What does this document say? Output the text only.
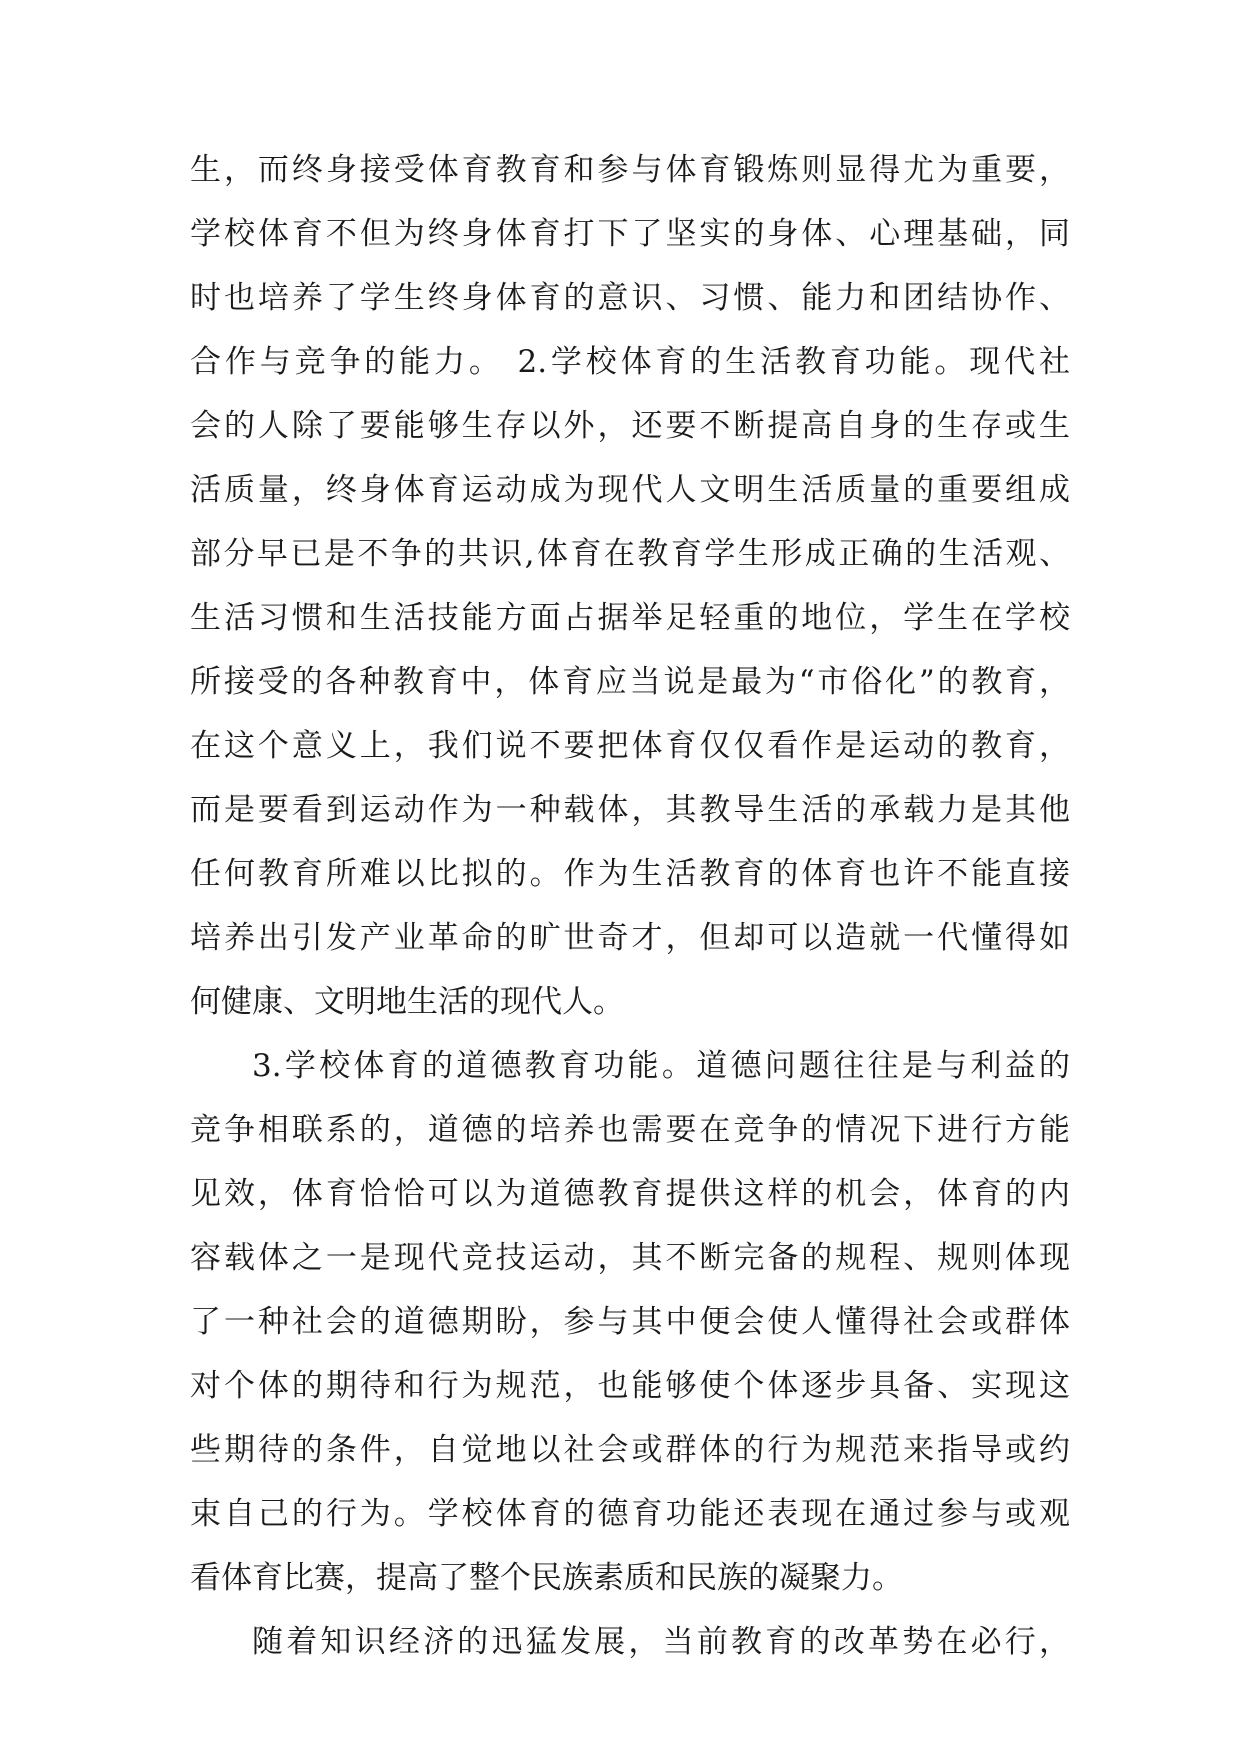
生，而终身接受体育教育和参与体育锻炼则显得尤为重要，

学校体育不但为终身体育打下了坚实的身体、心理基础，同

时也培养了学生终身体育的意识、习惯、能力和团结协作、

合作与竞争的能力。 2.学校体育的生活教育功能。现代社

会的人除了要能够生存以外，还要不断提高自身的生存或生

活质量，终身体育运动成为现代人文明生活质量的重要组成

部分早已是不争的共识,体育在教育学生形成正确的生活观、

生活习惯和生活技能方面占据举足轻重的地位，学生在学校

所接受的各种教育中，体育应当说是最为“市俗化”的教育，

在这个意义上，我们说不要把体育仅仅看作是运动的教育，

而是要看到运动作为一种载体，其教导生活的承载力是其他

任何教育所难以比拟的。作为生活教育的体育也许不能直接

培养出引发产业革命的旷世奇才，但却可以造就一代懂得如

何健康、文明地生活的现代人。

3.学校体育的道德教育功能。道德问题往往是与利益的

竞争相联系的，道德的培养也需要在竞争的情况下进行方能

见效，体育恰恰可以为道德教育提供这样的机会，体育的内

容载体之一是现代竞技运动，其不断完备的规程、规则体现

了一种社会的道德期盼，参与其中便会使人懂得社会或群体

对个体的期待和行为规范，也能够使个体逐步具备、实现这

些期待的条件，自觉地以社会或群体的行为规范来指导或约

束自己的行为。学校体育的德育功能还表现在通过参与或观

看体育比赛，提高了整个民族素质和民族的凝聚力。

随着知识经济的迅猛发展，当前教育的改革势在必行，
